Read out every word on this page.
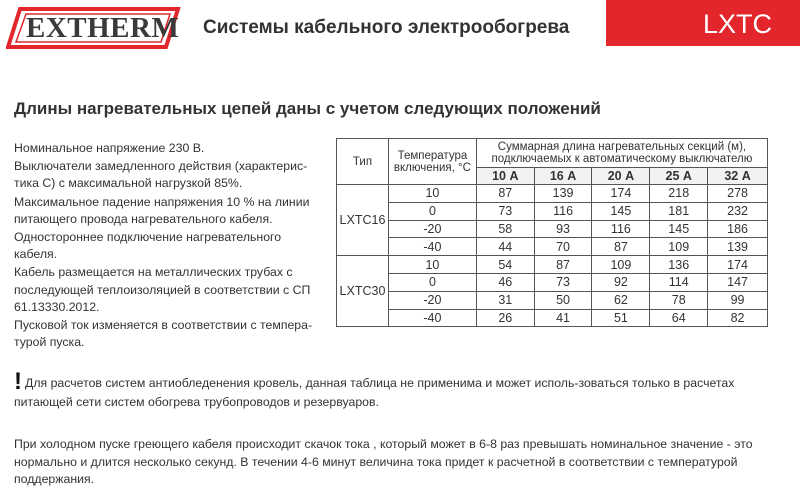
EXTHERM Системы кабельного электрообогрева	LXTC
Длины нагревательных цепей даны с учетом следующих положений

Номинальное напряжение 230 В.

Выключатели замедленного действия (характерис-тика С) с максимальной нагрузкой 85%.

Максимальное падение напряжения 10 % на линии питающего провода нагревательного кабеля.

Одностороннее подключение нагревательного кабеля.

Кабель размещается на металлических трубах с последующей теплоизоляцией в соответствии с СП 61.13330.2012.

Пусковой ток изменяется в соответствии с темпера-турой пуска.

Тип	Температура включения, °С	Суммарная длина нагревательных секций (м), подключаемых к автоматическому выключателю				
		10 А	16 А	20 А	25 А	32 А
LXTC16	10	87	139	174	218	278
	0	73	116	145	181	232
	-20	58	93	116	145	186
	-40	44	70	87	109	139
LXTC30	10	54	87	109	136	174
	0	46	73	92	114	147
	-20	31	50	62	78	99
	-40	26	41	51	64	82
! Для расчетов систем антиобледенения кровель, данная таблица не применима и может исполь-зоваться только в расчетах питающей сети систем обогрева трубопроводов и резервуаров.
При холодном пуске греющего кабеля происходит скачок тока , который может в 6-8 раз превышать номинальное значение - это нормально и длится несколько секунд. В течении 4-6 минут величина тока придет к расчетной в соответствии с температурой поддержания.
